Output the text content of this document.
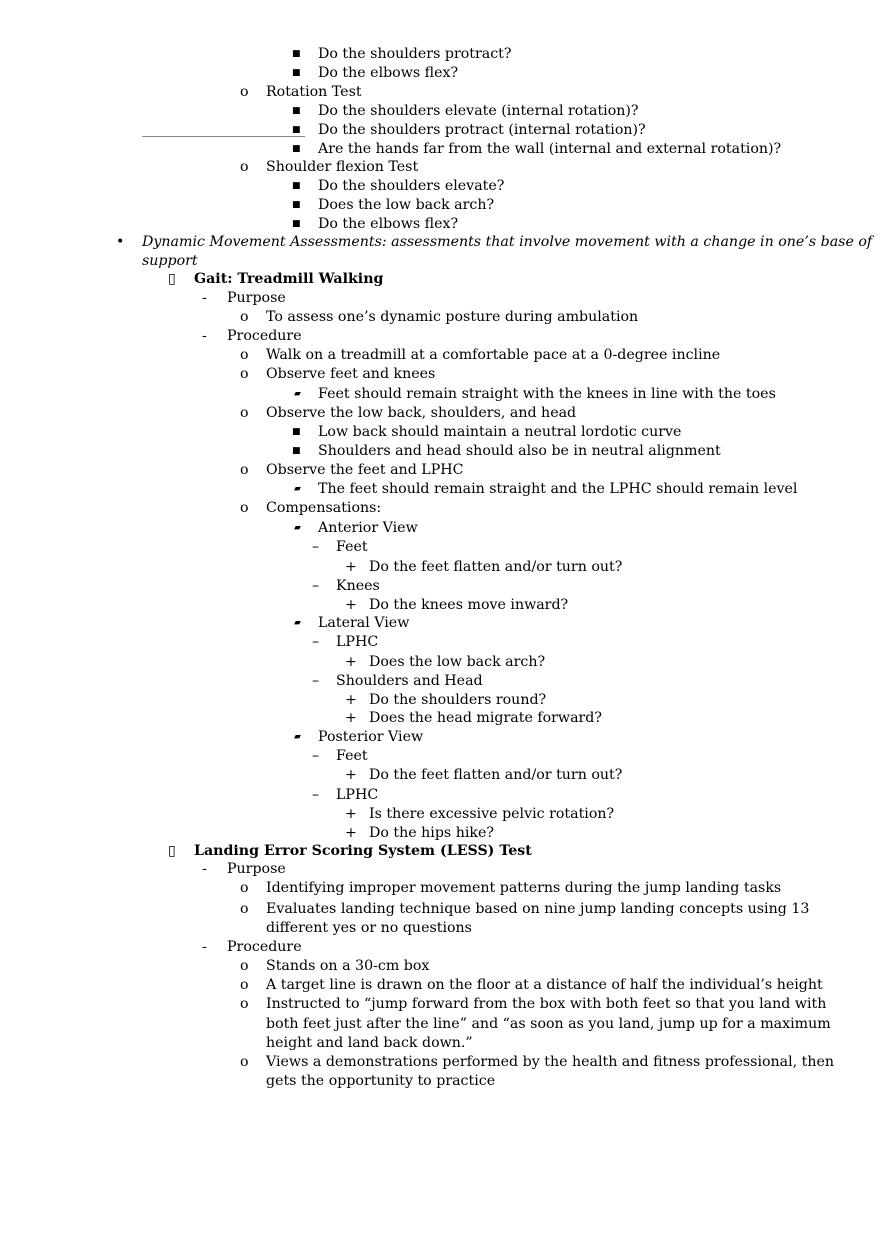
■ Do the shoulders protract?
■ Do the elbows flex?
o Rotation Test
■ Do the shoulders elevate (internal rotation)?
■ Do the shoulders protract (internal rotation)?
■ Are the hands far from the wall (internal and external rotation)?
o Shoulder flexion Test
■ Do the shoulders elevate?
■ Does the low back arch?
■ Do the elbows flex?
• Dynamic Movement Assessments: assessments that involve movement with a change in one’s base of
support
▯ Gait: Treadmill Walking
- Purpose
o To assess one’s dynamic posture during ambulation
- Procedure
o Walk on a treadmill at a comfortable pace at a 0-degree incline
o Observe feet and knees
▰ Feet should remain straight with the knees in line with the toes
o Observe the low back, shoulders, and head
■ Low back should maintain a neutral lordotic curve
■ Shoulders and head should also be in neutral alignment
o Observe the feet and LPHC
▰ The feet should remain straight and the LPHC should remain level
o Compensations:
▰ Anterior View
– Feet
+ Do the feet flatten and/or turn out?
– Knees
+ Do the knees move inward?
▰ Lateral View
– LPHC
+ Does the low back arch?
– Shoulders and Head
+ Do the shoulders round?
+ Does the head migrate forward?
▰ Posterior View
– Feet
+ Do the feet flatten and/or turn out?
– LPHC
+ Is there excessive pelvic rotation?
+ Do the hips hike?
▯ Landing Error Scoring System (LESS) Test
- Purpose
o Identifying improper movement patterns during the jump landing tasks
o Evaluates landing technique based on nine jump landing concepts using 13
different yes or no questions
- Procedure
o Stands on a 30-cm box
o A target line is drawn on the floor at a distance of half the individual’s height
o Instructed to “jump forward from the box with both feet so that you land with
both feet just after the line” and “as soon as you land, jump up for a maximum
height and land back down.”
o Views a demonstrations performed by the health and fitness professional, then
gets the opportunity to practice
